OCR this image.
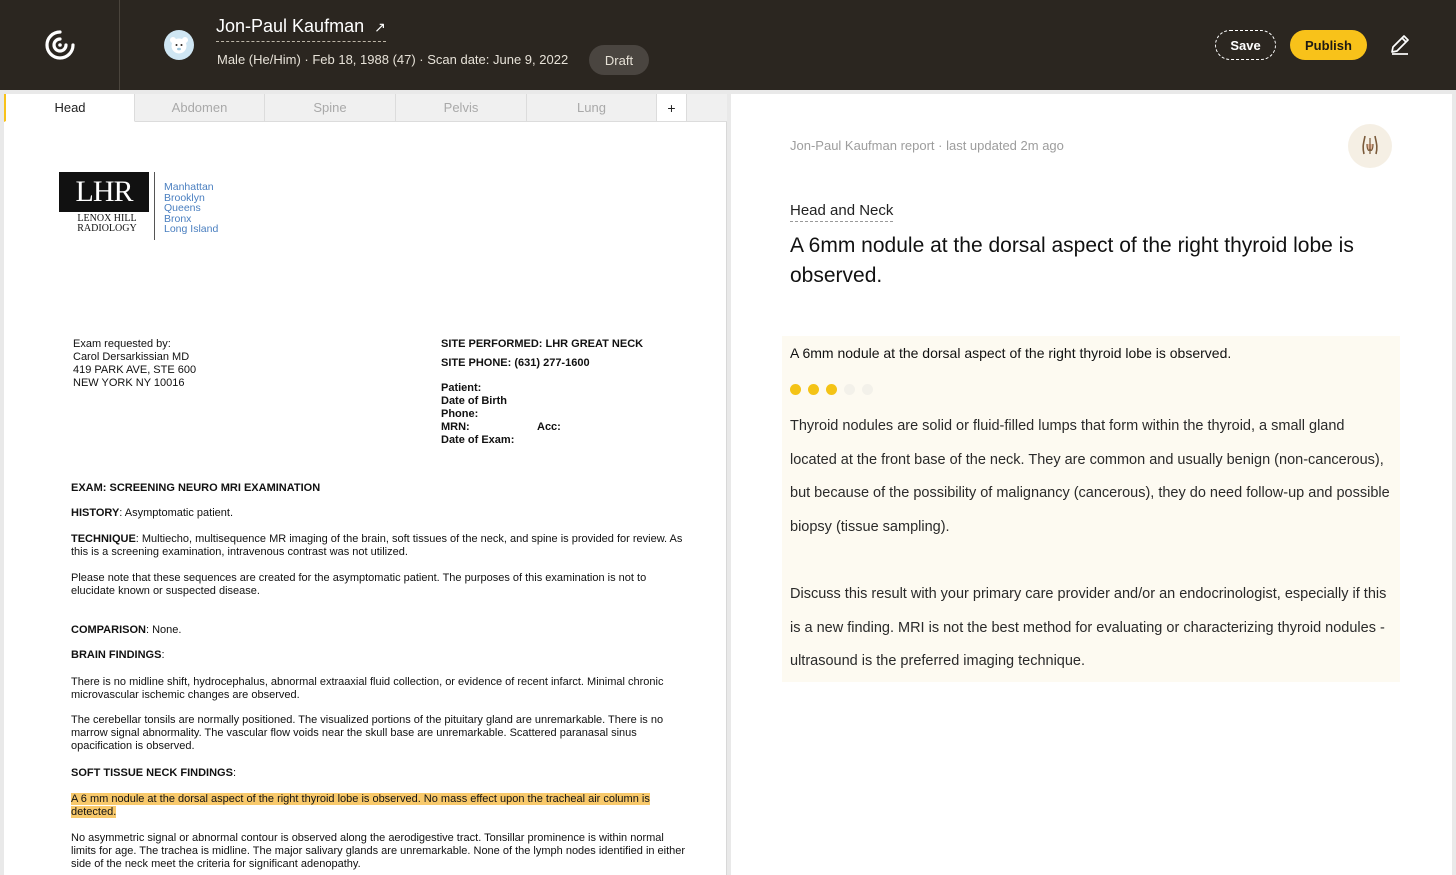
Jon-Paul Kaufman ↗
Male (He/Him) · Feb 18, 1988 (47) · Scan date: June 9, 2022	Draft
Save	Publish
Head	Abdomen	Spine	Pelvis	Lung	+
LHR
LENOX HILL
RADIOLOGY
Manhattan
Brooklyn
Queens
Bronx
Long Island
Exam requested by:
Carol Dersarkissian MD
419 PARK AVE, STE 600
NEW YORK NY 10016
SITE PERFORMED: LHR GREAT NECK
SITE PHONE: (631) 277-1600
Patient:
Date of Birth
Phone:
MRN:
Date of Exam:
Acc:
EXAM: SCREENING NEURO MRI EXAMINATION
HISTORY: Asymptomatic patient.
TECHNIQUE: Multiecho, multisequence MR imaging of the brain, soft tissues of the neck, and spine is provided for review. As this is a screening examination, intravenous contrast was not utilized.
Please note that these sequences are created for the asymptomatic patient. The purposes of this examination is not to elucidate known or suspected disease.
COMPARISON: None.
BRAIN FINDINGS:
There is no midline shift, hydrocephalus, abnormal extraaxial fluid collection, or evidence of recent infarct. Minimal chronic microvascular ischemic changes are observed.
The cerebellar tonsils are normally positioned. The visualized portions of the pituitary gland are unremarkable. There is no marrow signal abnormality. The vascular flow voids near the skull base are unremarkable. Scattered paranasal sinus opacification is observed.
SOFT TISSUE NECK FINDINGS:
A 6 mm nodule at the dorsal aspect of the right thyroid lobe is observed. No mass effect upon the tracheal air column is
detected.
No asymmetric signal or abnormal contour is observed along the aerodigestive tract. Tonsillar prominence is within normal limits for age. The trachea is midline. The major salivary glands are unremarkable. None of the lymph nodes identified in either side of the neck meet the criteria for significant adenopathy.
Jon-Paul Kaufman report · last updated 2m ago
Head and Neck
A 6mm nodule at the dorsal aspect of the right thyroid lobe is observed.
A 6mm nodule at the dorsal aspect of the right thyroid lobe is observed.
Thyroid nodules are solid or fluid-filled lumps that form within the thyroid, a small gland located at the front base of the neck. They are common and usually benign (non-cancerous), but because of the possibility of malignancy (cancerous), they do need follow-up and possible biopsy (tissue sampling).
Discuss this result with your primary care provider and/or an endocrinologist, especially if this is a new finding. MRI is not the best method for evaluating or characterizing thyroid nodules - ultrasound is the preferred imaging technique.
